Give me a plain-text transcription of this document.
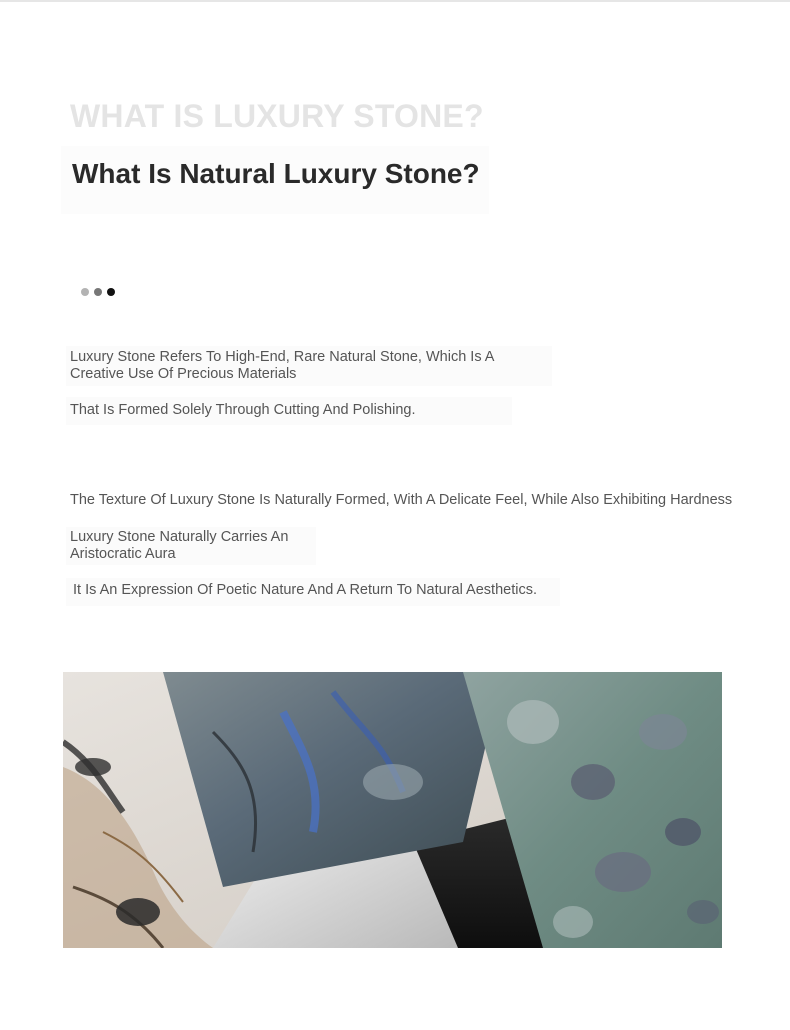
WHAT IS LUXURY STONE?
What Is Natural Luxury Stone?

Luxury Stone Refers To High-End, Rare Natural Stone, Which Is A Creative Use Of Precious Materials

That Is Formed Solely Through Cutting And Polishing.

The Texture Of Luxury Stone Is Naturally Formed, With A Delicate Feel, While Also Exhibiting Hardness

Luxury Stone Naturally Carries An Aristocratic Aura

It Is An Expression Of Poetic Nature And A Return To Natural Aesthetics.
